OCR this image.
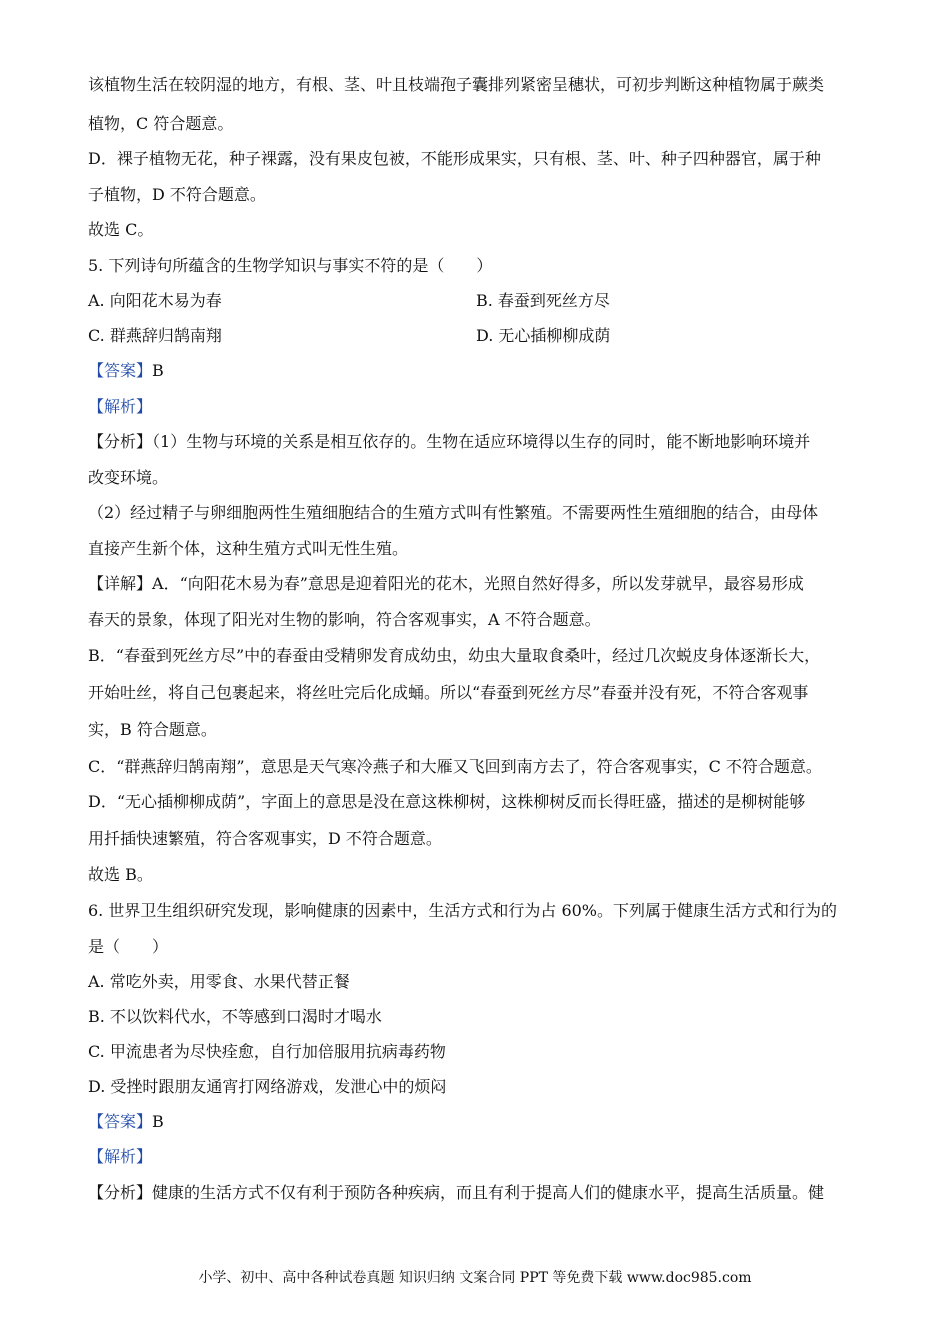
该植物生活在较阴湿的地方，有根、茎、叶且枝端孢子囊排列紧密呈穗状，可初步判断这种植物属于蕨类
植物，C 符合题意。
D．裸子植物无花，种子裸露，没有果皮包被，不能形成果实，只有根、茎、叶、种子四种器官，属于种
子植物，D 不符合题意。
故选 C。
5. 下列诗句所蕴含的生物学知识与事实不符的是（　　）
A. 向阳花木易为春	B. 春蚕到死丝方尽
C. 群燕辞归鹄南翔	D. 无心插柳柳成荫
【答案】B
【解析】
【分析】（1）生物与环境的关系是相互依存的。生物在适应环境得以生存的同时，能不断地影响环境并
改变环境。
（2）经过精子与卵细胞两性生殖细胞结合的生殖方式叫有性繁殖。不需要两性生殖细胞的结合，由母体
直接产生新个体，这种生殖方式叫无性生殖。
【详解】A．“向阳花木易为春”意思是迎着阳光的花木，光照自然好得多，所以发芽就早，最容易形成
春天的景象，体现了阳光对生物的影响，符合客观事实，A 不符合题意。
B．“春蚕到死丝方尽”中的春蚕由受精卵发育成幼虫，幼虫大量取食桑叶，经过几次蜕皮身体逐渐长大，
开始吐丝，将自己包裹起来，将丝吐完后化成蛹。所以“春蚕到死丝方尽”春蚕并没有死，不符合客观事
实，B 符合题意。
C．“群燕辞归鹄南翔”，意思是天气寒冷燕子和大雁又飞回到南方去了，符合客观事实，C 不符合题意。
D．“无心插柳柳成荫”，字面上的意思是没在意这株柳树，这株柳树反而长得旺盛，描述的是柳树能够
用扦插快速繁殖，符合客观事实，D 不符合题意。
故选 B。
6. 世界卫生组织研究发现，影响健康的因素中，生活方式和行为占 60%。下列属于健康生活方式和行为的
是（　　）
A. 常吃外卖，用零食、水果代替正餐
B. 不以饮料代水，不等感到口渴时才喝水
C. 甲流患者为尽快痊愈，自行加倍服用抗病毒药物
D. 受挫时跟朋友通宵打网络游戏，发泄心中的烦闷
【答案】B
【解析】
【分析】健康的生活方式不仅有利于预防各种疾病，而且有利于提高人们的健康水平，提高生活质量。健
小学、初中、高中各种试卷真题 知识归纳 文案合同 PPT 等免费下载 www.doc985.com
